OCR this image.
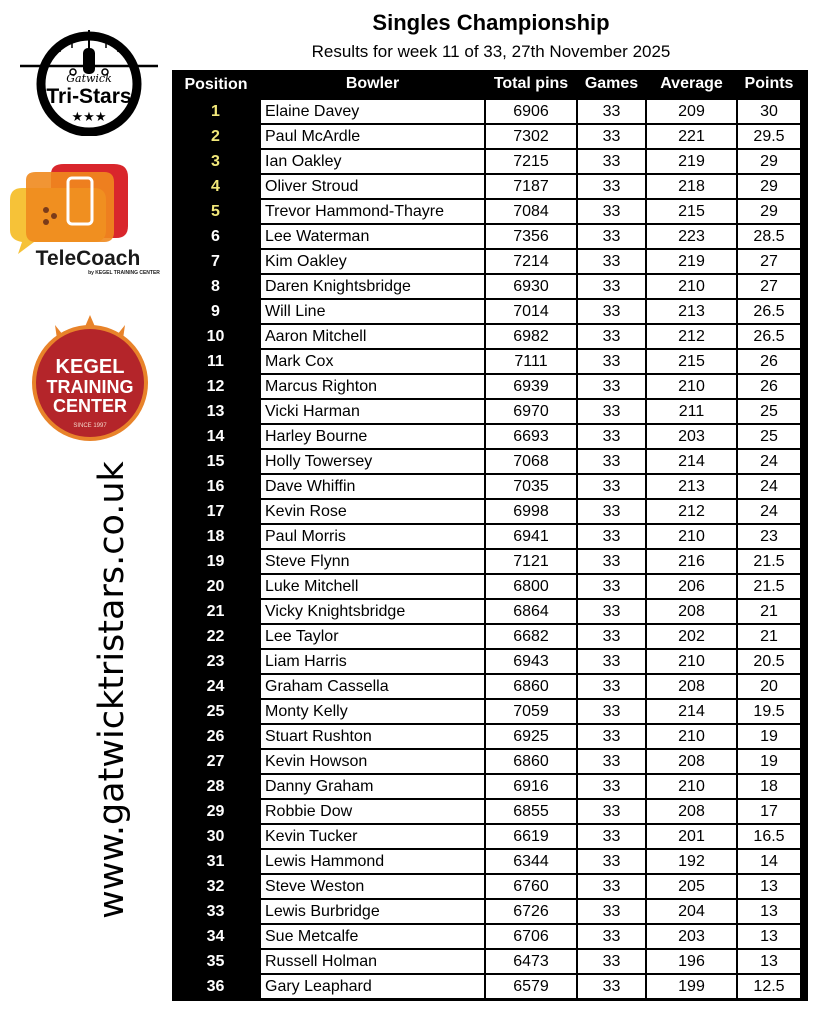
Gatwick
Tri-Stars
★★★
TeleCoach
by KEGEL TRAINING CENTER
KEGEL
TRAINING
CENTER
SINCE 1997
www.gatwicktristars.co.uk
Singles Championship
Results for week 11 of 33, 27th November 2025
Position	Bowler	Total pins	Games	Average	Points
1	Elaine Davey	6906	33	209	30
2	Paul McArdle	7302	33	221	29.5
3	Ian Oakley	7215	33	219	29
4	Oliver Stroud	7187	33	218	29
5	Trevor Hammond-Thayre	7084	33	215	29
6	Lee Waterman	7356	33	223	28.5
7	Kim Oakley	7214	33	219	27
8	Daren Knightsbridge	6930	33	210	27
9	Will Line	7014	33	213	26.5
10	Aaron Mitchell	6982	33	212	26.5
11	Mark Cox	7111	33	215	26
12	Marcus Righton	6939	33	210	26
13	Vicki Harman	6970	33	211	25
14	Harley Bourne	6693	33	203	25
15	Holly Towersey	7068	33	214	24
16	Dave Whiffin	7035	33	213	24
17	Kevin Rose	6998	33	212	24
18	Paul Morris	6941	33	210	23
19	Steve Flynn	7121	33	216	21.5
20	Luke Mitchell	6800	33	206	21.5
21	Vicky Knightsbridge	6864	33	208	21
22	Lee Taylor	6682	33	202	21
23	Liam Harris	6943	33	210	20.5
24	Graham Cassella	6860	33	208	20
25	Monty Kelly	7059	33	214	19.5
26	Stuart Rushton	6925	33	210	19
27	Kevin Howson	6860	33	208	19
28	Danny Graham	6916	33	210	18
29	Robbie Dow	6855	33	208	17
30	Kevin Tucker	6619	33	201	16.5
31	Lewis Hammond	6344	33	192	14
32	Steve Weston	6760	33	205	13
33	Lewis Burbridge	6726	33	204	13
34	Sue Metcalfe	6706	33	203	13
35	Russell Holman	6473	33	196	13
36	Gary Leaphard	6579	33	199	12.5
